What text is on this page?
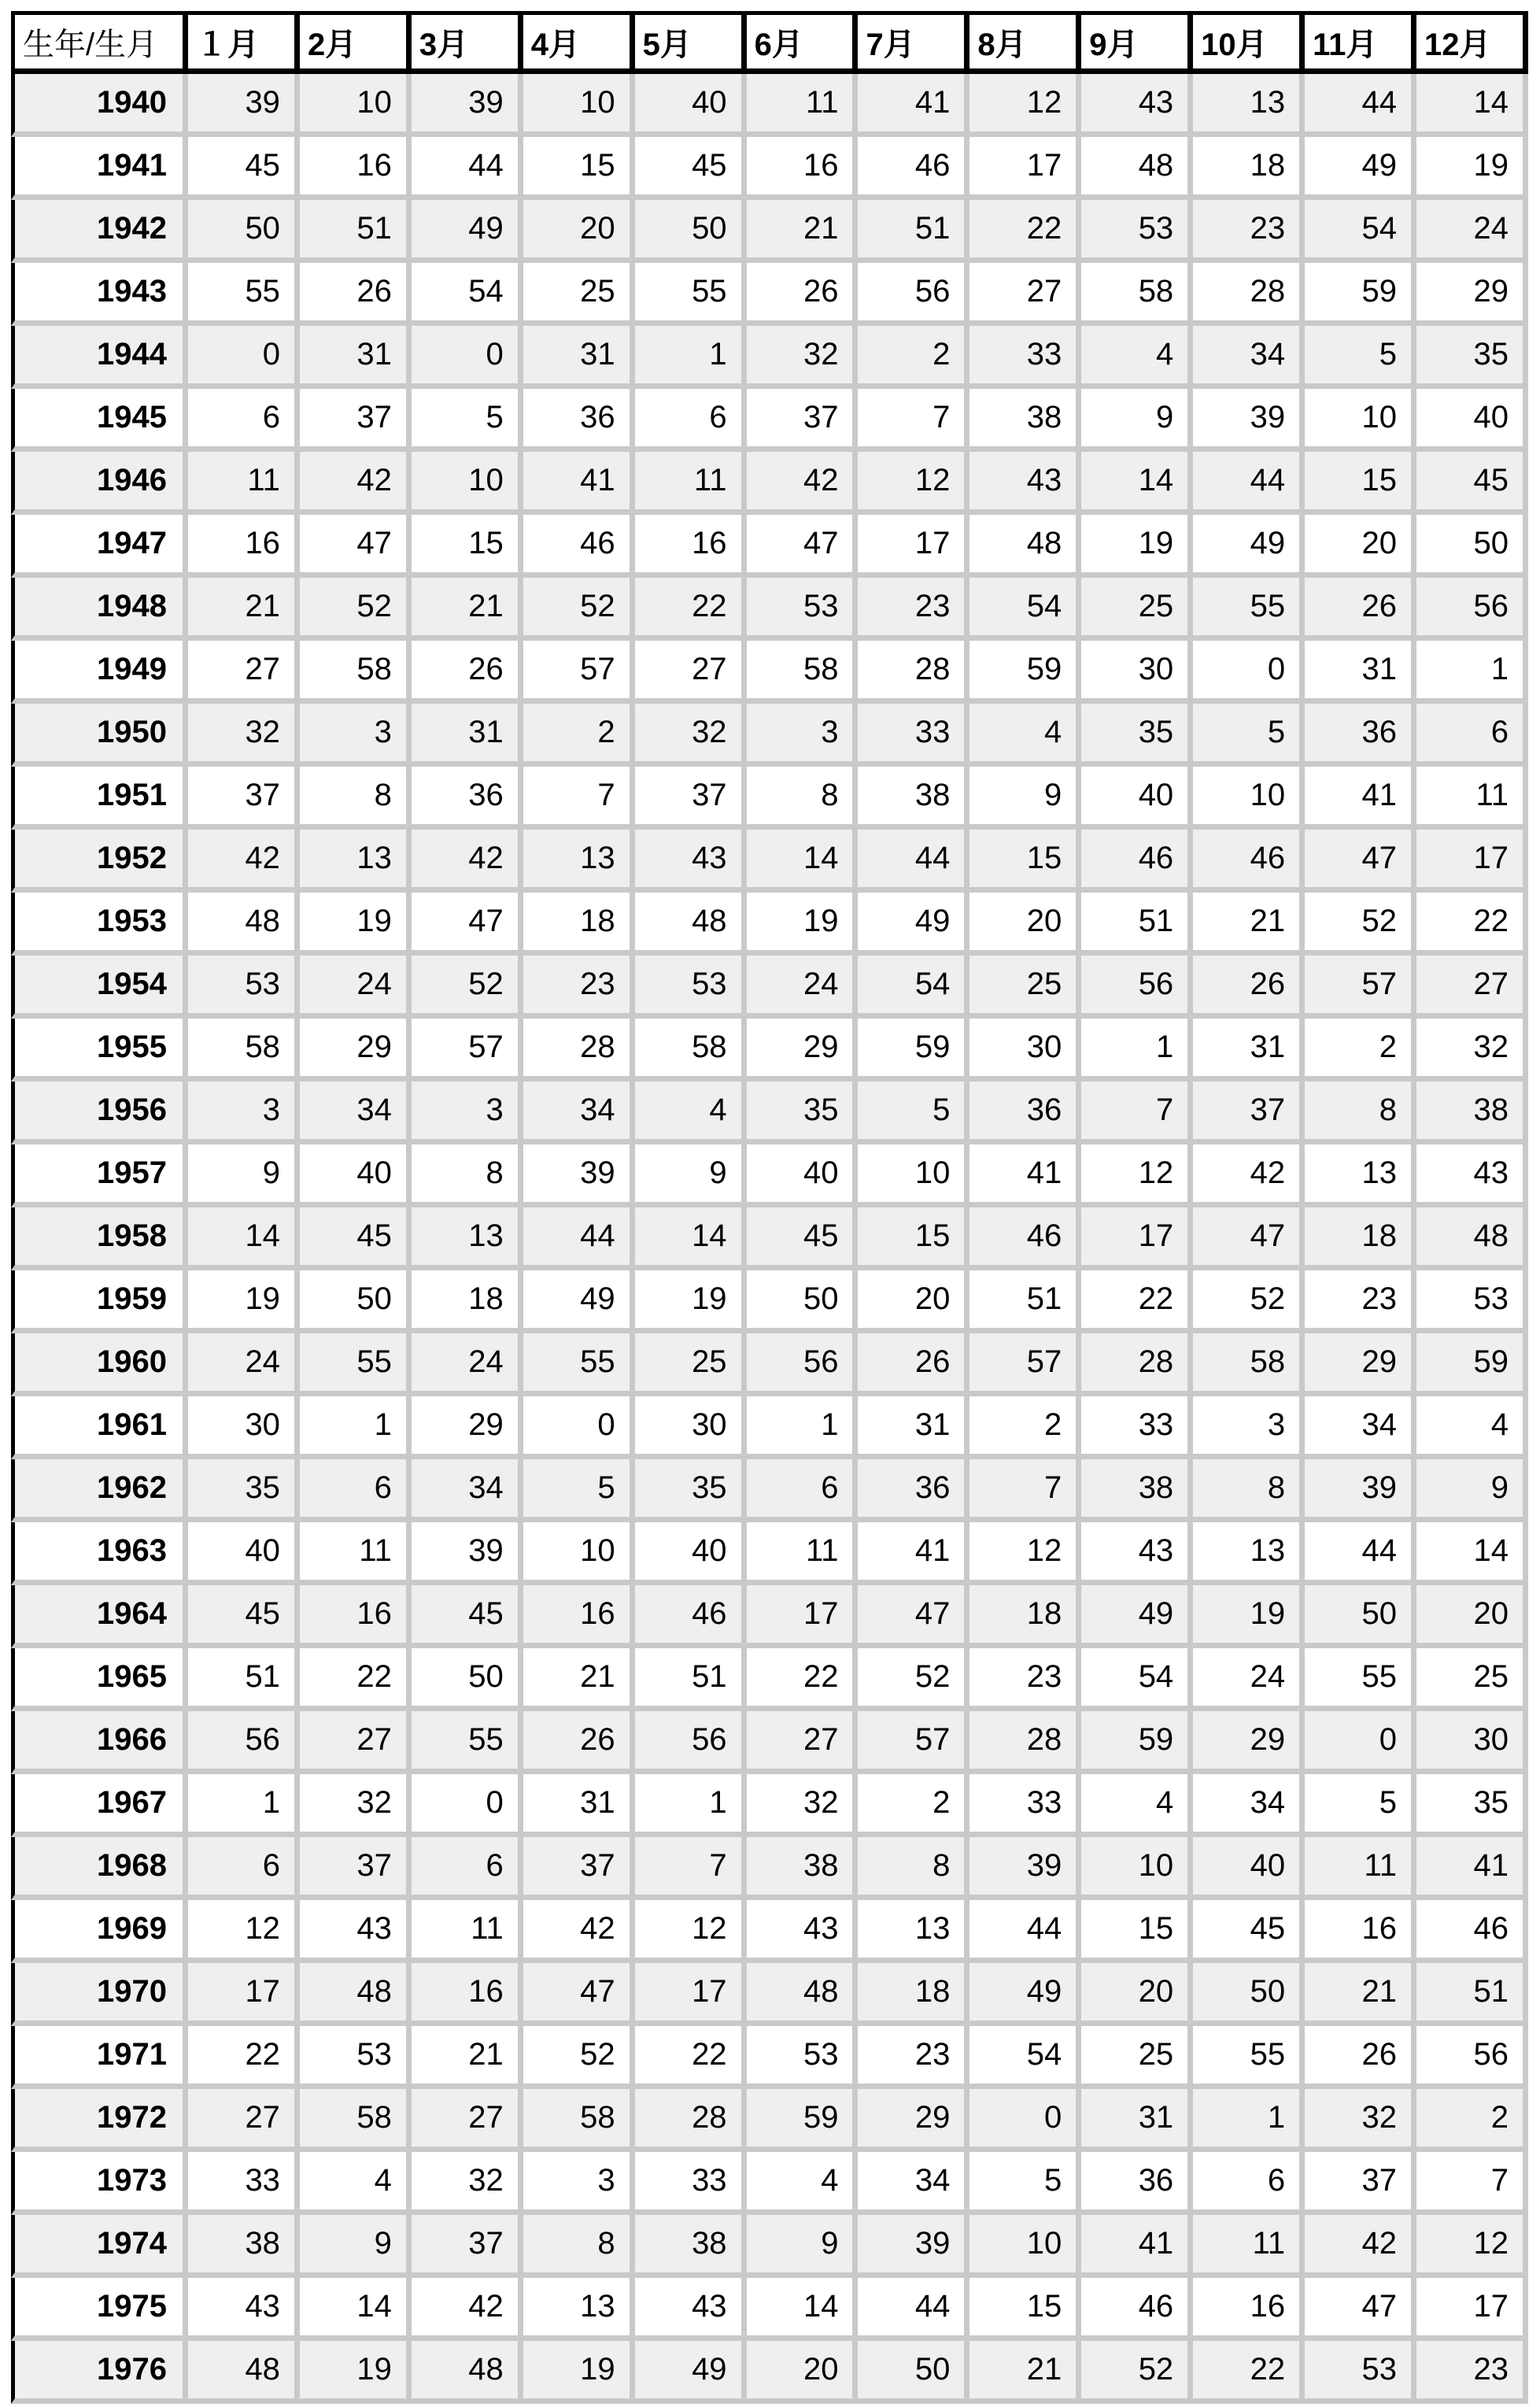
生年/生月	１月	2月	3月	4月	5月	6月	7月	8月	9月	10月	11月	12月
1940	39	10	39	10	40	11	41	12	43	13	44	14
1941	45	16	44	15	45	16	46	17	48	18	49	19
1942	50	51	49	20	50	21	51	22	53	23	54	24
1943	55	26	54	25	55	26	56	27	58	28	59	29
1944	0	31	0	31	1	32	2	33	4	34	5	35
1945	6	37	5	36	6	37	7	38	9	39	10	40
1946	11	42	10	41	11	42	12	43	14	44	15	45
1947	16	47	15	46	16	47	17	48	19	49	20	50
1948	21	52	21	52	22	53	23	54	25	55	26	56
1949	27	58	26	57	27	58	28	59	30	0	31	1
1950	32	3	31	2	32	3	33	4	35	5	36	6
1951	37	8	36	7	37	8	38	9	40	10	41	11
1952	42	13	42	13	43	14	44	15	46	46	47	17
1953	48	19	47	18	48	19	49	20	51	21	52	22
1954	53	24	52	23	53	24	54	25	56	26	57	27
1955	58	29	57	28	58	29	59	30	1	31	2	32
1956	3	34	3	34	4	35	5	36	7	37	8	38
1957	9	40	8	39	9	40	10	41	12	42	13	43
1958	14	45	13	44	14	45	15	46	17	47	18	48
1959	19	50	18	49	19	50	20	51	22	52	23	53
1960	24	55	24	55	25	56	26	57	28	58	29	59
1961	30	1	29	0	30	1	31	2	33	3	34	4
1962	35	6	34	5	35	6	36	7	38	8	39	9
1963	40	11	39	10	40	11	41	12	43	13	44	14
1964	45	16	45	16	46	17	47	18	49	19	50	20
1965	51	22	50	21	51	22	52	23	54	24	55	25
1966	56	27	55	26	56	27	57	28	59	29	0	30
1967	1	32	0	31	1	32	2	33	4	34	5	35
1968	6	37	6	37	7	38	8	39	10	40	11	41
1969	12	43	11	42	12	43	13	44	15	45	16	46
1970	17	48	16	47	17	48	18	49	20	50	21	51
1971	22	53	21	52	22	53	23	54	25	55	26	56
1972	27	58	27	58	28	59	29	0	31	1	32	2
1973	33	4	32	3	33	4	34	5	36	6	37	7
1974	38	9	37	8	38	9	39	10	41	11	42	12
1975	43	14	42	13	43	14	44	15	46	16	47	17
1976	48	19	48	19	49	20	50	21	52	22	53	23
